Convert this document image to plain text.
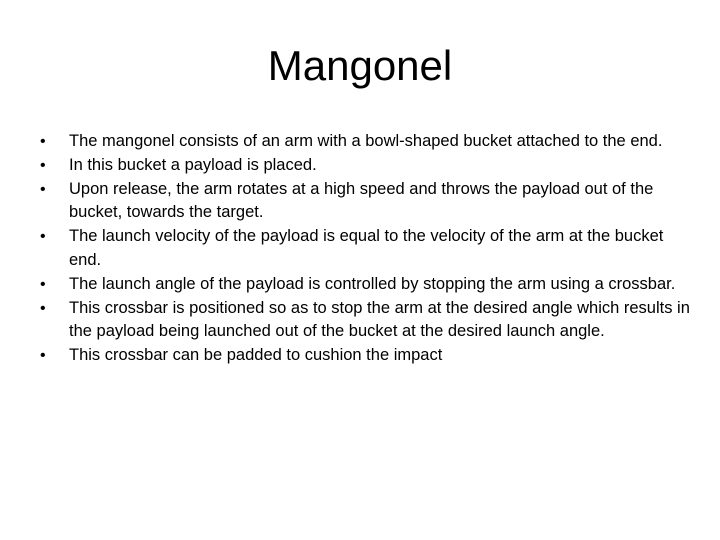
Mangonel
•	The mangonel consists of an arm with a bowl-shaped bucket attached to the end.
•	In this bucket a payload is placed.
•	Upon release, the arm rotates at a high speed and throws the payload out of the bucket, towards the target.
•	The launch velocity of the payload is equal to the velocity of the arm at the bucket end.
•	The launch angle of the payload is controlled by stopping the arm using a crossbar.
•	This crossbar is positioned so as to stop the arm at the desired angle which results in the payload being launched out of the bucket at the desired launch angle.
•	This crossbar can be padded to cushion the impact
